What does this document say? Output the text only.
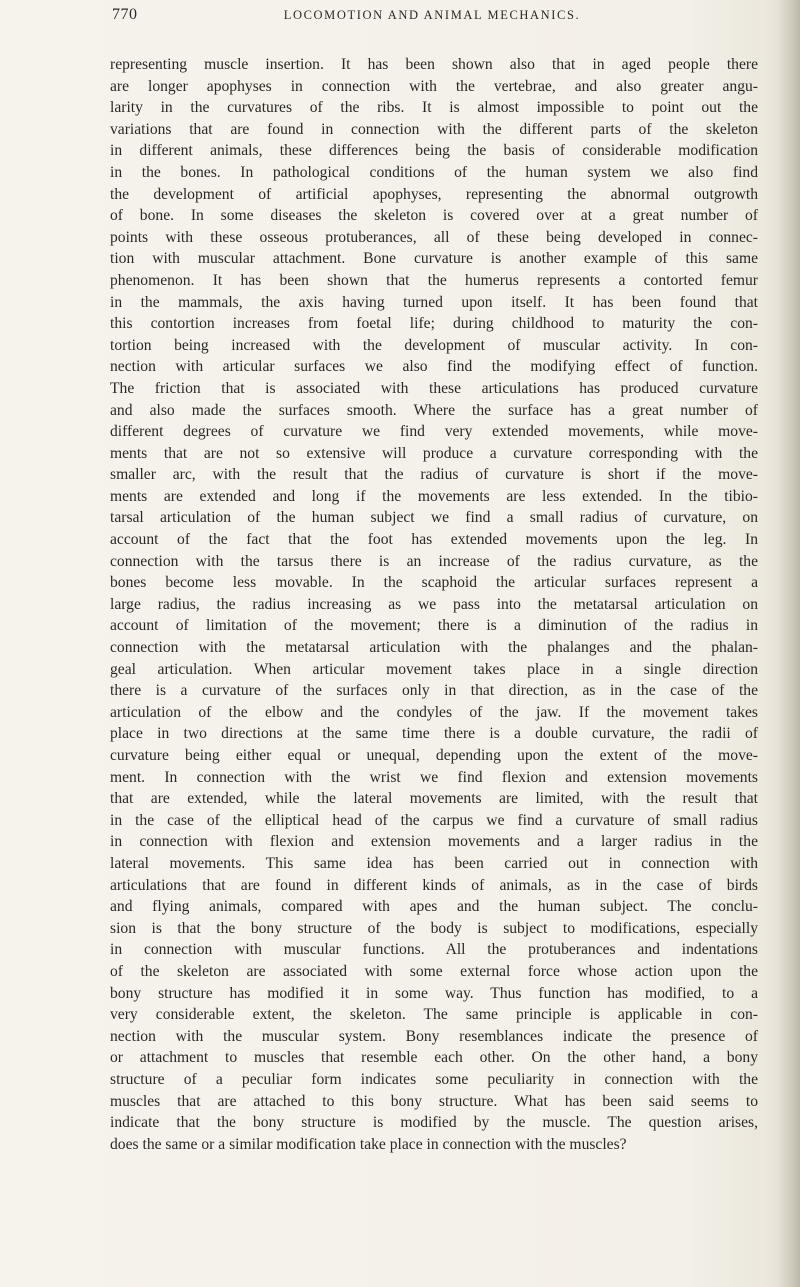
770	LOCOMOTION AND ANIMAL MECHANICS.
representing muscle insertion. It has been shown also that in aged people there
are longer apophyses in connection with the vertebrae, and also greater angu-
larity in the curvatures of the ribs. It is almost impossible to point out the
variations that are found in connection with the different parts of the skeleton
in different animals, these differences being the basis of considerable modification
in the bones. In pathological conditions of the human system we also find
the development of artificial apophyses, representing the abnormal outgrowth
of bone. In some diseases the skeleton is covered over at a great number of
points with these osseous protuberances, all of these being developed in connec-
tion with muscular attachment. Bone curvature is another example of this same
phenomenon. It has been shown that the humerus represents a contorted femur
in the mammals, the axis having turned upon itself. It has been found that
this contortion increases from foetal life; during childhood to maturity the con-
tortion being increased with the development of muscular activity. In con-
nection with articular surfaces we also find the modifying effect of function.
The friction that is associated with these articulations has produced curvature
and also made the surfaces smooth. Where the surface has a great number of
different degrees of curvature we find very extended movements, while move-
ments that are not so extensive will produce a curvature corresponding with the
smaller arc, with the result that the radius of curvature is short if the move-
ments are extended and long if the movements are less extended. In the tibio-
tarsal articulation of the human subject we find a small radius of curvature, on
account of the fact that the foot has extended movements upon the leg. In
connection with the tarsus there is an increase of the radius curvature, as the
bones become less movable. In the scaphoid the articular surfaces represent a
large radius, the radius increasing as we pass into the metatarsal articulation on
account of limitation of the movement; there is a diminution of the radius in
connection with the metatarsal articulation with the phalanges and the phalan-
geal articulation. When articular movement takes place in a single direction
there is a curvature of the surfaces only in that direction, as in the case of the
articulation of the elbow and the condyles of the jaw. If the movement takes
place in two directions at the same time there is a double curvature, the radii of
curvature being either equal or unequal, depending upon the extent of the move-
ment. In connection with the wrist we find flexion and extension movements
that are extended, while the lateral movements are limited, with the result that
in the case of the elliptical head of the carpus we find a curvature of small radius
in connection with flexion and extension movements and a larger radius in the
lateral movements. This same idea has been carried out in connection with
articulations that are found in different kinds of animals, as in the case of birds
and flying animals, compared with apes and the human subject. The conclu-
sion is that the bony structure of the body is subject to modifications, especially
in connection with muscular functions. All the protuberances and indentations
of the skeleton are associated with some external force whose action upon the
bony structure has modified it in some way. Thus function has modified, to a
very considerable extent, the skeleton. The same principle is applicable in con-
nection with the muscular system. Bony resemblances indicate the presence of
or attachment to muscles that resemble each other. On the other hand, a bony
structure of a peculiar form indicates some peculiarity in connection with the
muscles that are attached to this bony structure. What has been said seems to
indicate that the bony structure is modified by the muscle. The question arises,
does the same or a similar modification take place in connection with the muscles?
